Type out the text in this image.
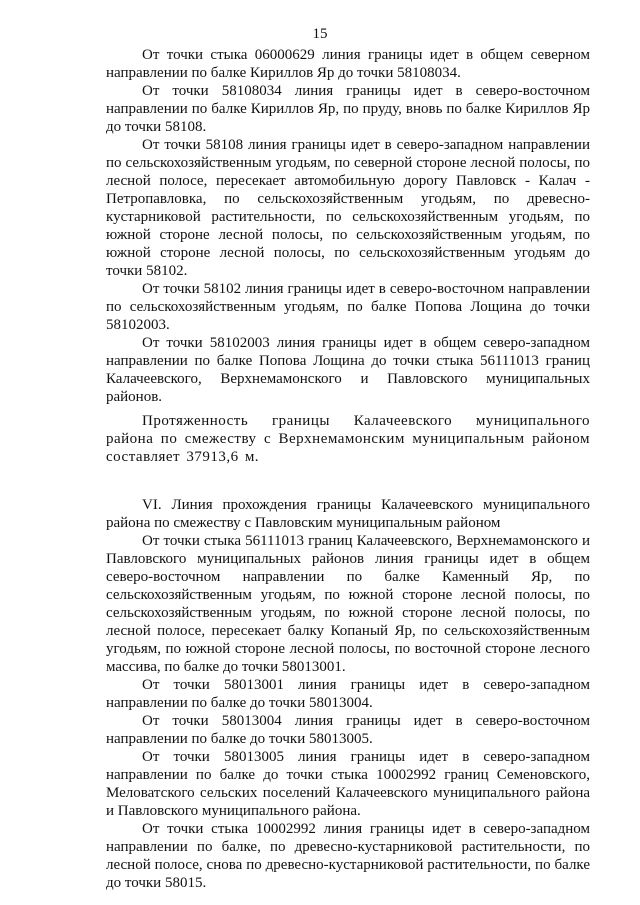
15

От точки стыка 06000629 линия границы идет в общем северном направлении по балке Кириллов Яр до точки 58108034.

От точки 58108034 линия границы идет в северо-восточном направлении по балке Кириллов Яр, по пруду, вновь по балке Кириллов Яр до точки 58108.

От точки 58108 линия границы идет в северо-западном направлении по сельскохозяйственным угодьям, по северной стороне лесной полосы, по лесной полосе, пересекает автомобильную дорогу Павловск - Калач - Петропавловка, по сельскохозяйственным угодьям, по древесно-кустарниковой растительности, по сельскохозяйственным угодьям, по южной стороне лесной полосы, по сельскохозяйственным угодьям, по южной стороне лесной полосы, по сельскохозяйственным угодьям до точки 58102.

От точки 58102 линия границы идет в северо-восточном направлении по сельскохозяйственным угодьям, по балке Попова Лощина до точки 58102003.

От точки 58102003 линия границы идет в общем северо-западном направлении по балке Попова Лощина до точки стыка 56111013 границ Калачеевского, Верхнемамонского и Павловского муниципальных районов.

Протяженность границы Калачеевского муниципального района по смежеству с Верхнемамонским муниципальным районом составляет 37913,6 м.

VI. Линия прохождения границы Калачеевского муниципального района по смежеству с Павловским муниципальным районом

От точки стыка 56111013 границ Калачеевского, Верхнемамонского и Павловского муниципальных районов линия границы идет в общем северо-восточном направлении по балке Каменный Яр, по сельскохозяйственным угодьям, по южной стороне лесной полосы, по сельскохозяйственным угодьям, по южной стороне лесной полосы, по лесной полосе, пересекает балку Копаный Яр, по сельскохозяйственным угодьям, по южной стороне лесной полосы, по восточной стороне лесного массива, по балке до точки 58013001.

От точки 58013001 линия границы идет в северо-западном направлении по балке до точки 58013004.

От точки 58013004 линия границы идет в северо-восточном направлении по балке до точки 58013005.

От точки 58013005 линия границы идет в северо-западном направлении по балке до точки стыка 10002992 границ Семеновского, Меловатского сельских поселений Калачеевского муниципального района и Павловского муниципального района.

От точки стыка 10002992 линия границы идет в северо-западном направлении по балке, по древесно-кустарниковой растительности, по лесной полосе, снова по древесно-кустарниковой растительности, по балке до точки 58015.
